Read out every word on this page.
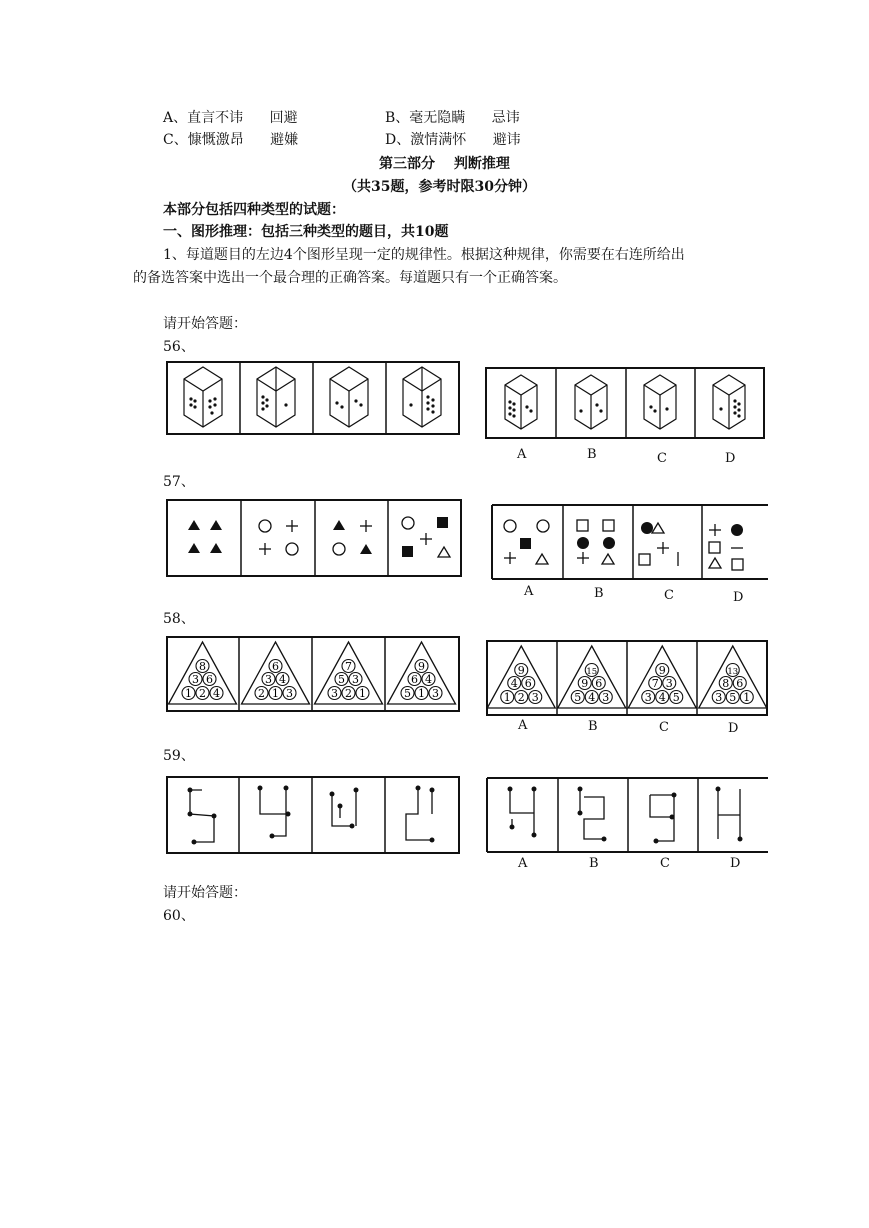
A、直言不讳 回避	B、毫无隐瞒 忌讳
C、慷慨激昂 避嫌	D、激情满怀 避讳
第三部分　 判断推理
（共35题，参考时限30分钟）
本部分包括四种类型的试题：
一、图形推理：包括三种类型的题目，共10题
1、每道题目的左边4个图形呈现一定的规律性。根据这种规律，你需要在右连所给出
的备选答案中选出一个最合理的正确答案。每道题只有一个正确答案。
请开始答题：
56、
A	B	C	D
57、
A	B	C	D
58、
8
3 6
1 2 4
6
3 4
2 1 3
7
5 3
3 2 1
9
6 4
5 1 3
9
4 6
1 2 3
15
9 6
5 4 3
9
7 3
3 4 5
13
8 6
3 5 1
A	B	C	D
59、
A	B	C	D
请开始答题：
60、
